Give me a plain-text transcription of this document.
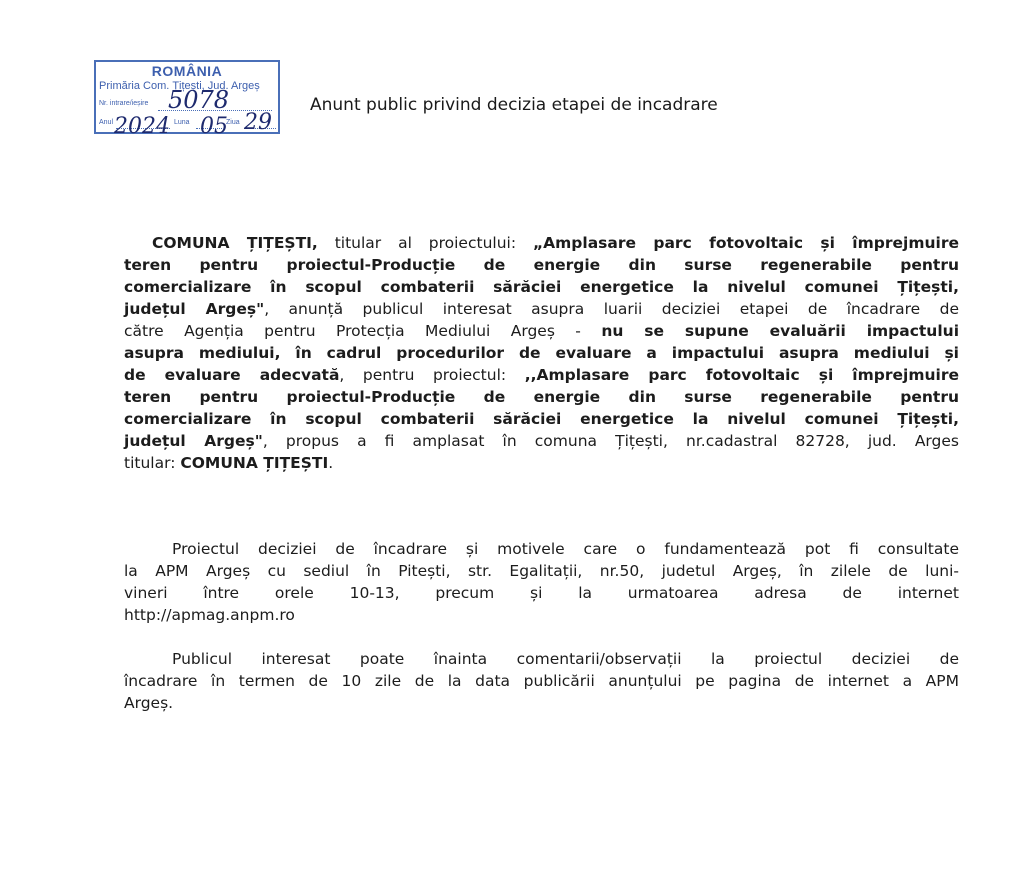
ROMÂNIA
Primăria Com. Țițești, Jud. Argeș
Nr. intrare/ieșire
Anul	Luna	Ziua
5078
2024 05 29
Anunt public privind decizia etapei de incadrare
COMUNA ȚIȚEȘTI, titular al proiectului: „Amplasare parc fotovoltaic și împrejmuire
teren pentru proiectul-Producție de energie din surse regenerabile pentru
comercializare în scopul combaterii sărăciei energetice la nivelul comunei Țițești,
județul Argeș", anunță publicul interesat asupra luarii deciziei etapei de încadrare de
către Agenția pentru Protecția Mediului Argeș - nu se supune evaluării impactului
asupra mediului, în cadrul procedurilor de evaluare a impactului asupra mediului și
de evaluare adecvată, pentru proiectul: ,,Amplasare parc fotovoltaic și împrejmuire
teren pentru proiectul-Producție de energie din surse regenerabile pentru
comercializare în scopul combaterii sărăciei energetice la nivelul comunei Țițești,
județul Argeș", propus a fi amplasat în comuna Țițești, nr.cadastral 82728, jud. Arges
titular: COMUNA ȚIȚEȘTI.
Proiectul deciziei de încadrare și motivele care o fundamentează pot fi consultate
la APM Argeș cu sediul în Pitești, str. Egalitații, nr.50, judetul Argeș, în zilele de luni-
vineri între orele 10-13, precum și la urmatoarea adresa de internet
http://apmag.anpm.ro
Publicul interesat poate înainta comentarii/observații la proiectul deciziei de
încadrare în termen de 10 zile de la data publicării anunțului pe pagina de internet a APM
Argeș.
